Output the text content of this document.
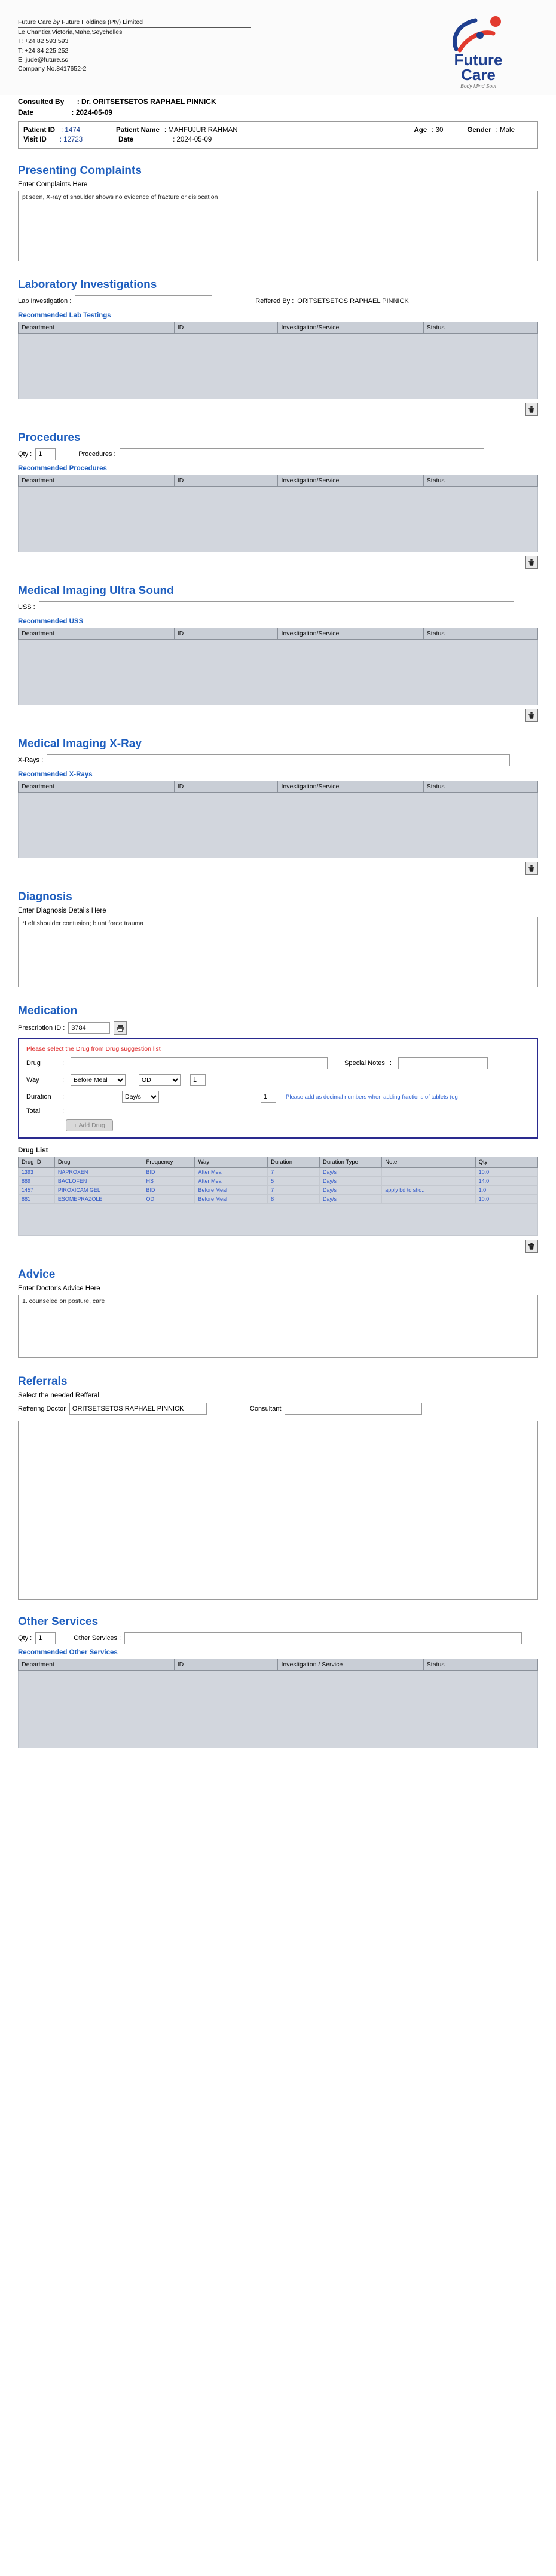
Future Care by Future Holdings (Pty) Limited
Le Chantier,Victoria,Mahe,Seychelles
T: +24 82 593 593
T: +24 84 225 252
E: jude@future.sc
Company No.8417652-2
Future
Care
Body Mind Soul
Consulted By : Dr. ORITSETSETOS RAPHAEL PINNICK
Date	: 2024-05-09
Patient ID : 1474	Patient Name : MAHFUJUR RAHMAN	Age : 30	Gender : Male
Visit ID : 12723	Date	: 2024-05-09
Presenting Complaints
Enter Complaints Here
pt seen, X-ray of shoulder shows no evidence of fracture or dislocation
Laboratory Investigations
Lab Investigation :	Reffered By : ORITSETSETOS RAPHAEL PINNICK
Recommended Lab Testings
Department	ID	Investigation/Service	Status

Procedures
Qty :
1	Procedures :
Recommended Procedures
Department	ID	Investigation/Service	Status

Medical Imaging Ultra Sound
USS :
Recommended USS
Department	ID	Investigation/Service	Status

Medical Imaging X-Ray
X-Rays :
Recommended X-Rays
Department	ID	Investigation/Service	Status

Diagnosis
Enter Diagnosis Details Here
*Left shoulder contusion; blunt force trauma
Medication
Prescription ID :
3784
Please select the Drug from Drug suggestion list
Drug	:	Special Notes :
Way	:
Before Meal
OD
1
Duration	:
Day/s
1	Please add as decimal numbers when adding fractions of tablets (eg
Total	:
+ Add Drug
Drug List
Drug ID	Drug	Frequency	Way	Duration	Duration Type	Note	Qty
1393	NAPROXEN	BID	After Meal	7	Day/s		10.0
889	BACLOFEN	HS	After Meal	5	Day/s		14.0
1457	PIROXICAM GEL	BID	Before Meal	7	Day/s	apply bd to sho..	1.0
881	ESOMEPRAZOLE	OD	Before Meal	8	Day/s		10.0

Advice
Enter Doctor's Advice Here
1. counseled on posture, care
Referrals
Select the needed Refferal
Reffering Doctor
ORITSETSETOS RAPHAEL PINNICK	Consultant
Other Services
Qty :
1	Other Services :
Recommended Other Services
Department	ID	Investigation / Service	Status
